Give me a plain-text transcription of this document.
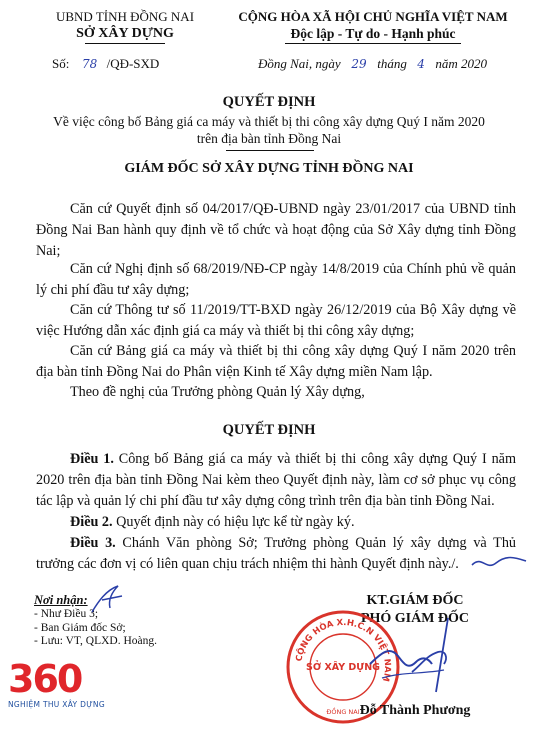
UBND TỈNH ĐỒNG NAI
SỞ XÂY DỰNG
Số: 78 /QĐ-SXD
CỘNG HÒA XÃ HỘI CHỦ NGHĨA VIỆT NAM
Độc lập - Tự do - Hạnh phúc
Đồng Nai, ngày 29 tháng 4 năm 2020
QUYẾT ĐỊNH
Về việc công bố Bảng giá ca máy và thiết bị thi công xây dựng Quý I năm 2020
trên địa bàn tỉnh Đồng Nai
GIÁM ĐỐC SỞ XÂY DỰNG TỈNH ĐỒNG NAI

Căn cứ Quyết định số 04/2017/QĐ-UBND ngày 23/01/2017 của UBND tỉnh Đồng Nai Ban hành quy định về tổ chức và hoạt động của Sở Xây dựng tỉnh Đồng Nai;

Căn cứ Nghị định số 68/2019/NĐ-CP ngày 14/8/2019 của Chính phủ về quản lý chi phí đầu tư xây dựng;

Căn cứ Thông tư số 11/2019/TT-BXD ngày 26/12/2019 của Bộ Xây dựng về việc Hướng dẫn xác định giá ca máy và thiết bị thi công xây dựng;

Căn cứ Bảng giá ca máy và thiết bị thi công xây dựng Quý I năm 2020 trên địa bàn tỉnh Đồng Nai do Phân viện Kinh tế Xây dựng miền Nam lập.

Theo đề nghị của Trưởng phòng Quản lý Xây dựng,

QUYẾT ĐỊNH

Điều 1. Công bố Bảng giá ca máy và thiết bị thi công xây dựng Quý I năm 2020 trên địa bàn tỉnh Đồng Nai kèm theo Quyết định này, làm cơ sở phục vụ công tác lập và quản lý chi phí đầu tư xây dựng công trình trên địa bàn tỉnh Đồng Nai.

Điều 2. Quyết định này có hiệu lực kể từ ngày ký.

Điều 3. Chánh Văn phòng Sở; Trưởng phòng Quản lý xây dựng và Thủ trưởng các đơn vị có liên quan chịu trách nhiệm thi hành Quyết định này./.

Nơi nhận:
- Như Điều 3;
- Ban Giám đốc Sở;
- Lưu: VT, QLXD. Hoàng.
KT.GIÁM ĐỐC
PHÓ GIÁM ĐỐC
CỘNG HÒA X.H.C.N VIỆT NAM
SỞ XÂY DỰNG
ĐỒNG NAI Đỗ Thành Phương
360
NGHIỆM THU XÂY DỰNG
